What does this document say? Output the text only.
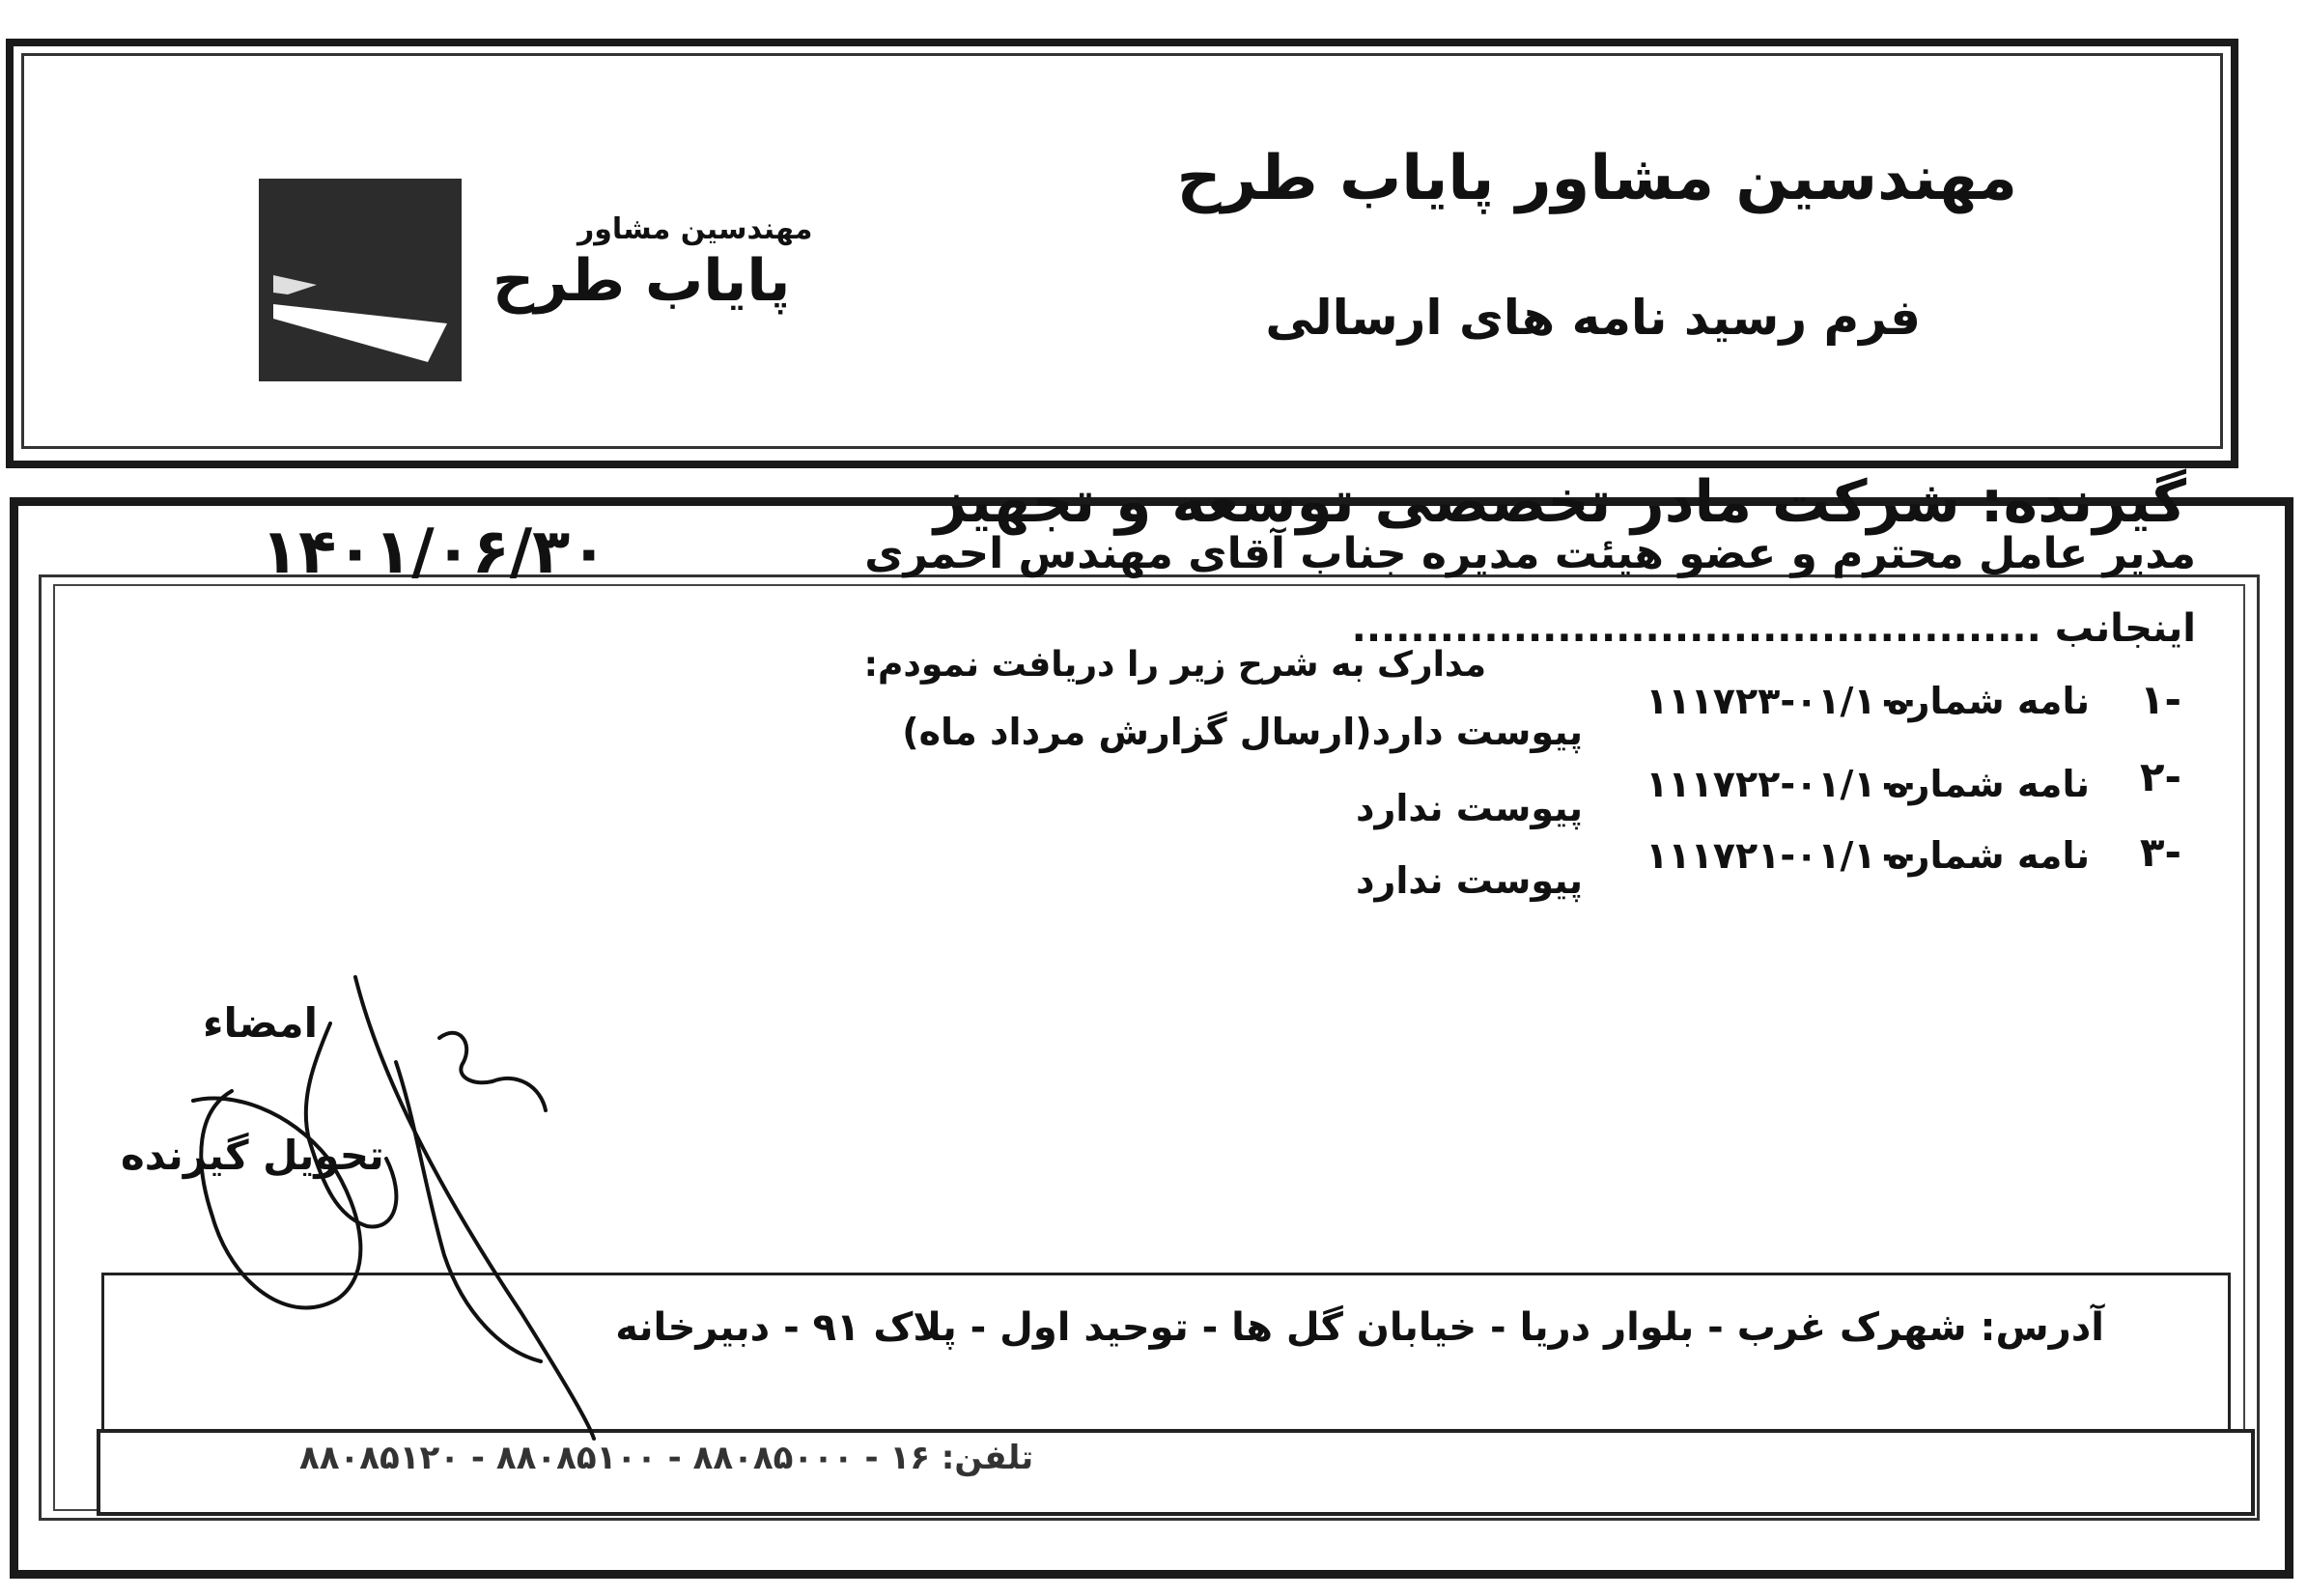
مهندسین مشاور پایاب طرح
فرم رسید نامه های ارسالی
مهندسین مشاور
پایاب طرح
گیرنده: شرکت مادر تخصصی توسعه و تجهیز
۱۴۰۱/۰۶/۳۰	مدیر عامل محترم و عضو هیئت مدیره جناب آقای مهندس احمری
اینجانب ...............................................
مدارک به شرح زیر را دریافت نمودم:
۱-
نامه شماره
۱۱۱۷۲۳-۰۱/۱۰۰
پیوست دارد(ارسال گزارش مرداد ماه)
۲-
نامه شماره
۱۱۱۷۲۲-۰۱/۱۰۰
پیوست ندارد
۳-
نامه شماره
۱۱۱۷۲۱-۰۱/۱۰۰
پیوست ندارد
امضاء
تحویل گیرنده
آدرس: شهرک غرب - بلوار دریا - خیابان گل ها - توحید اول - پلاک ۹۱ - دبیرخانه
تلفن: ۱۶ - ۸۸۰۸۵۰۰۰ - ۸۸۰۸۵۱۰۰ - ۸۸۰۸۵۱۲۰
